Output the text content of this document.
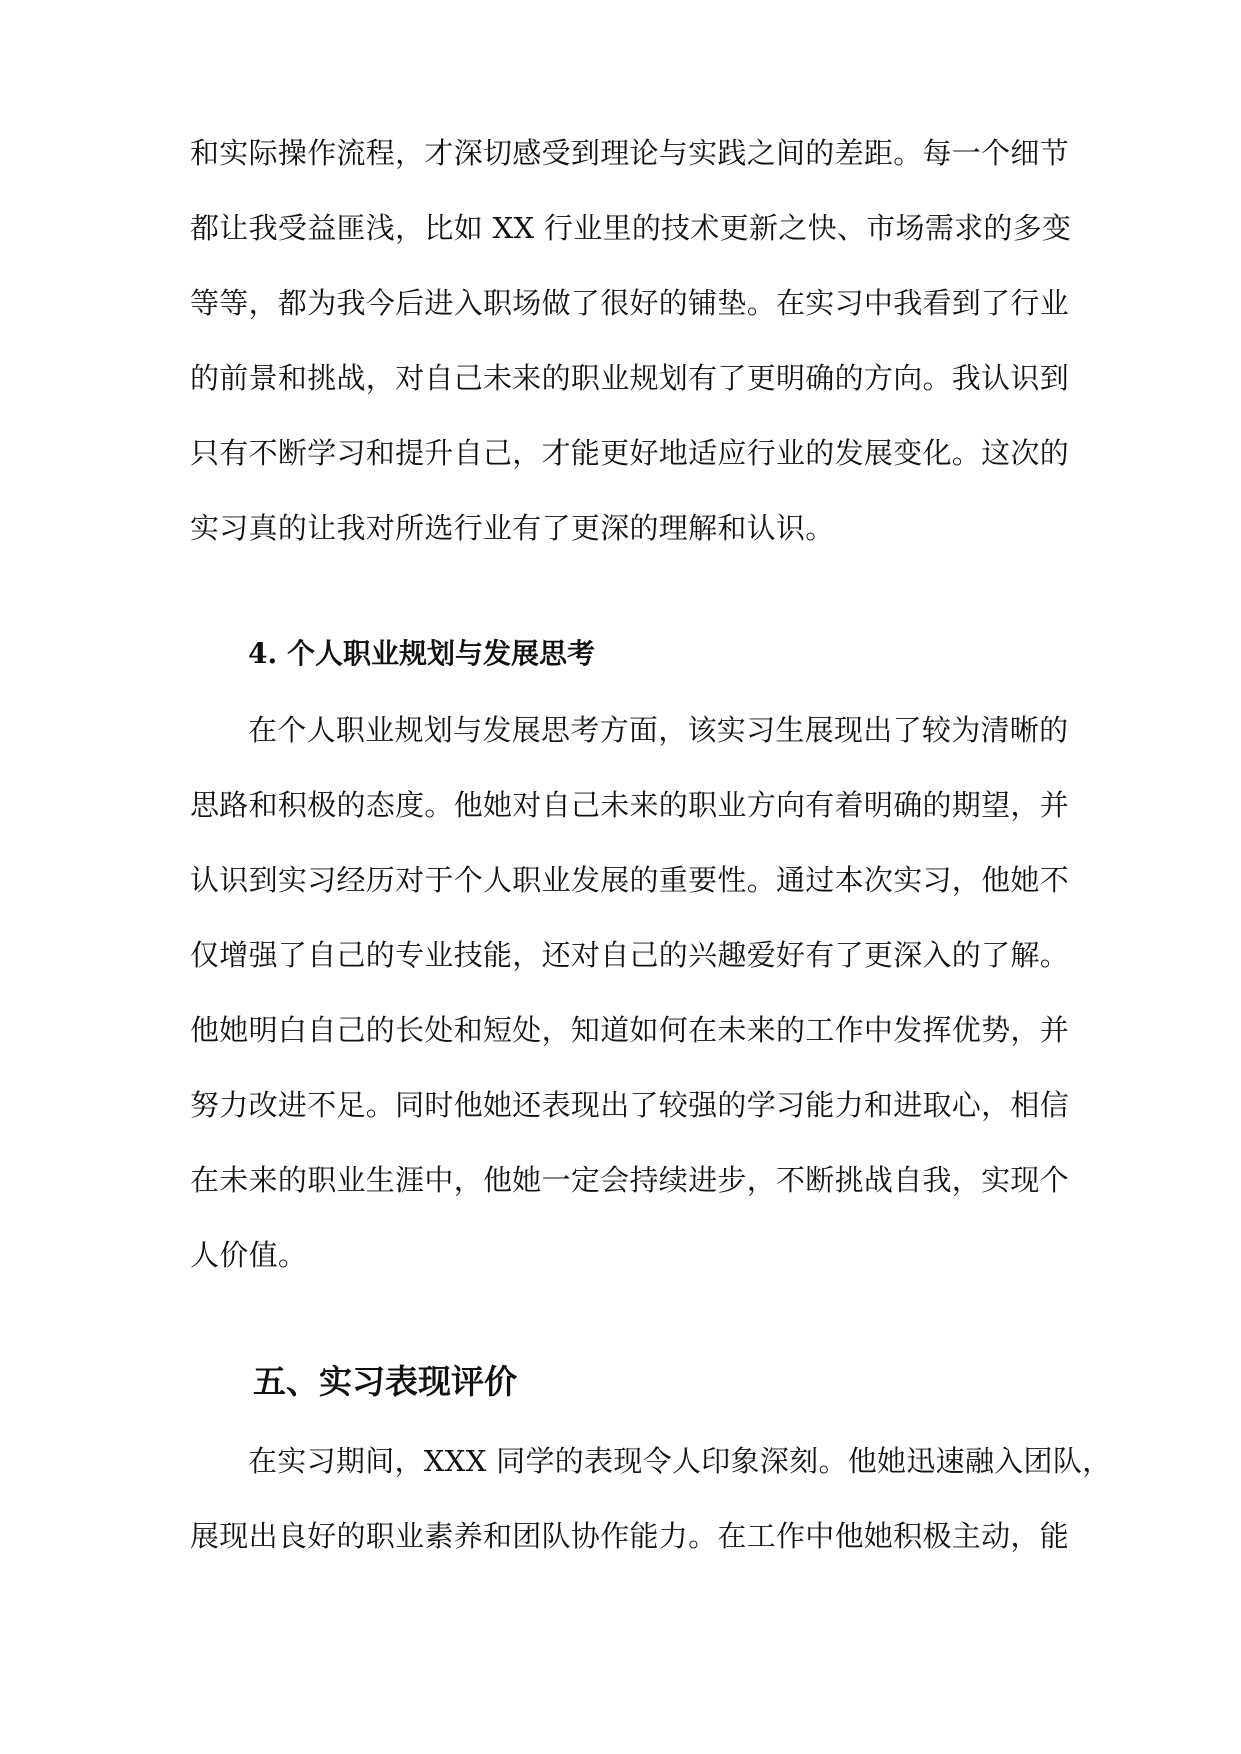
和实际操作流程，才深切感受到理论与实践之间的差距。每一个细节
都让我受益匪浅，比如 XX 行业里的技术更新之快、市场需求的多变
等等，都为我今后进入职场做了很好的铺垫。在实习中我看到了行业
的前景和挑战，对自己未来的职业规划有了更明确的方向。我认识到
只有不断学习和提升自己，才能更好地适应行业的发展变化。这次的
实习真的让我对所选行业有了更深的理解和认识。
4. 个人职业规划与发展思考
在个人职业规划与发展思考方面，该实习生展现出了较为清晰的
思路和积极的态度。他她对自己未来的职业方向有着明确的期望，并
认识到实习经历对于个人职业发展的重要性。通过本次实习，他她不
仅增强了自己的专业技能，还对自己的兴趣爱好有了更深入的了解。
他她明白自己的长处和短处，知道如何在未来的工作中发挥优势，并
努力改进不足。同时他她还表现出了较强的学习能力和进取心，相信
在未来的职业生涯中，他她一定会持续进步，不断挑战自我，实现个
人价值。
五、实习表现评价
在实习期间，XXX 同学的表现令人印象深刻。他她迅速融入团队，
展现出良好的职业素养和团队协作能力。在工作中他她积极主动，能
